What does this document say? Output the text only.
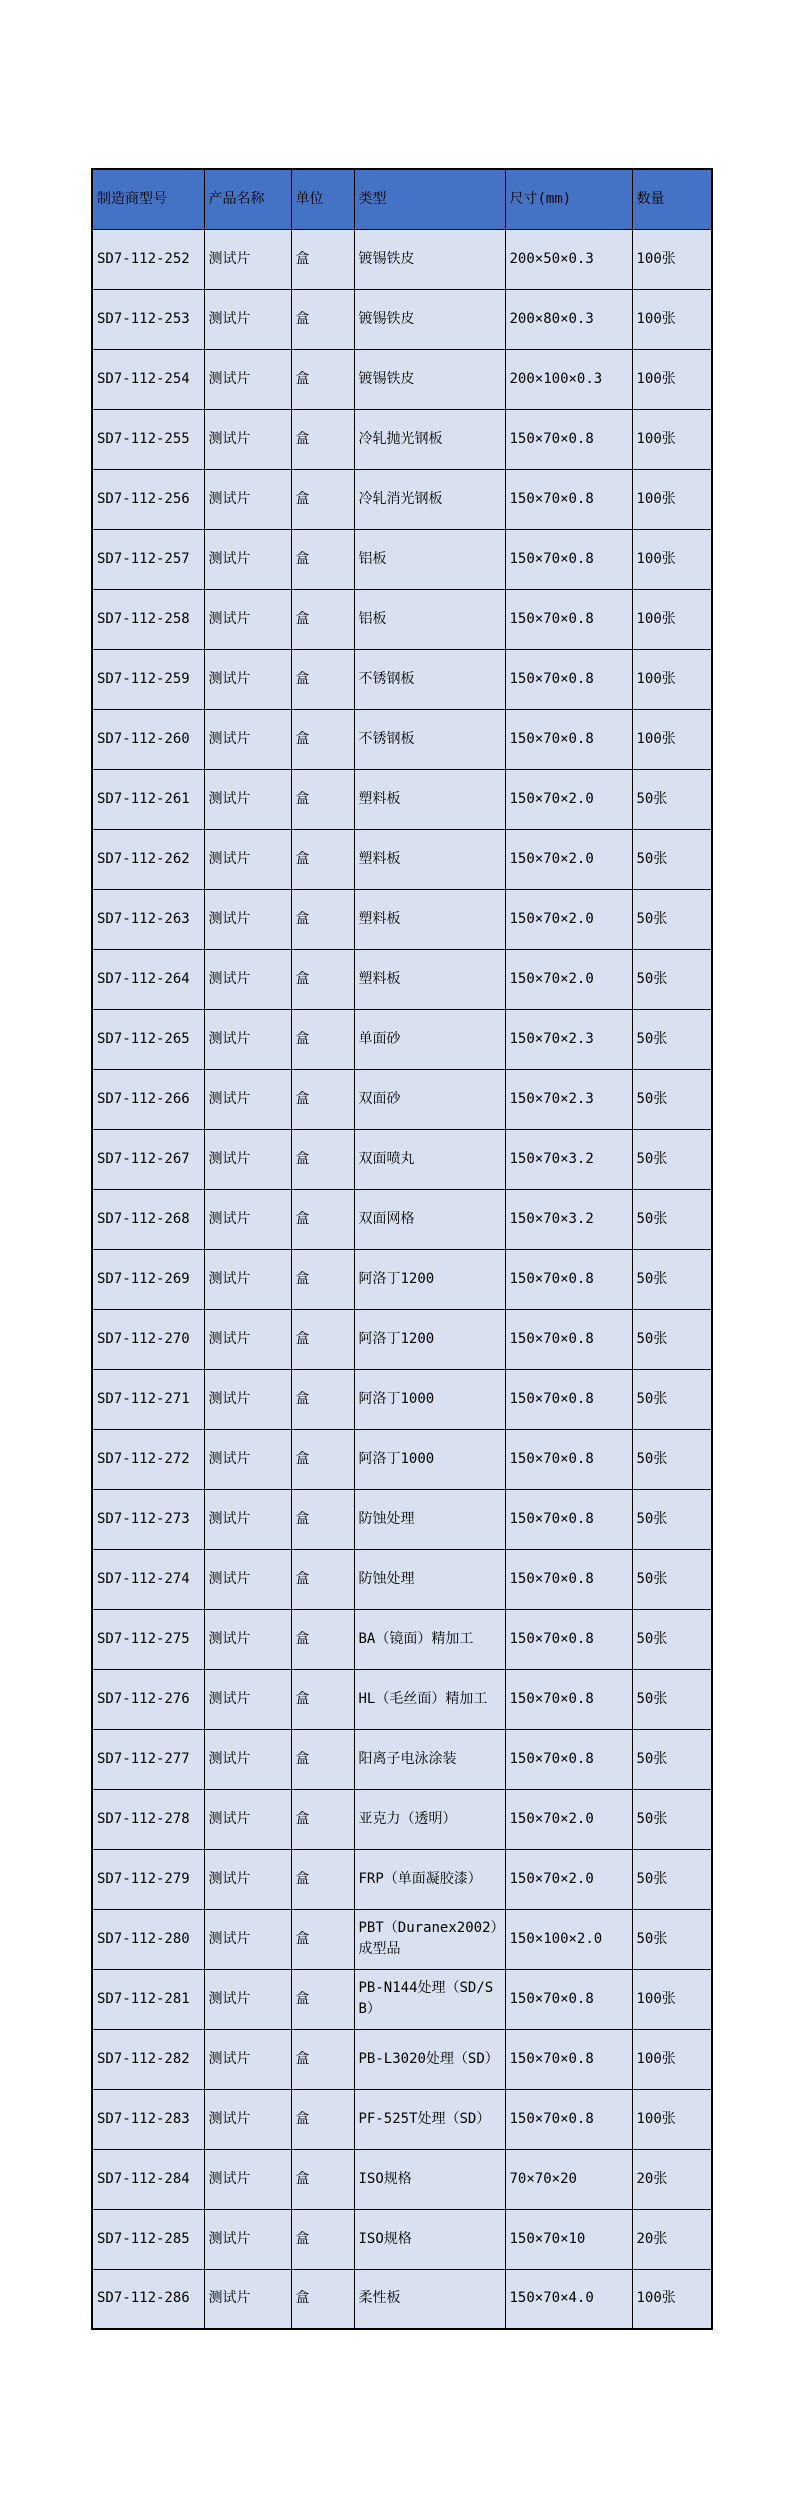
制造商型号	产品名称	单位	类型	尺寸(mm)	数量
SD7-112-252	测试片	盒	镀锡铁皮	200×50×0.3	100张
SD7-112-253	测试片	盒	镀锡铁皮	200×80×0.3	100张
SD7-112-254	测试片	盒	镀锡铁皮	200×100×0.3	100张
SD7-112-255	测试片	盒	冷轧抛光钢板	150×70×0.8	100张
SD7-112-256	测试片	盒	冷轧消光钢板	150×70×0.8	100张
SD7-112-257	测试片	盒	铝板	150×70×0.8	100张
SD7-112-258	测试片	盒	铝板	150×70×0.8	100张
SD7-112-259	测试片	盒	不锈钢板	150×70×0.8	100张
SD7-112-260	测试片	盒	不锈钢板	150×70×0.8	100张
SD7-112-261	测试片	盒	塑料板	150×70×2.0	50张
SD7-112-262	测试片	盒	塑料板	150×70×2.0	50张
SD7-112-263	测试片	盒	塑料板	150×70×2.0	50张
SD7-112-264	测试片	盒	塑料板	150×70×2.0	50张
SD7-112-265	测试片	盒	单面砂	150×70×2.3	50张
SD7-112-266	测试片	盒	双面砂	150×70×2.3	50张
SD7-112-267	测试片	盒	双面喷丸	150×70×3.2	50张
SD7-112-268	测试片	盒	双面网格	150×70×3.2	50张
SD7-112-269	测试片	盒	阿洛丁1200	150×70×0.8	50张
SD7-112-270	测试片	盒	阿洛丁1200	150×70×0.8	50张
SD7-112-271	测试片	盒	阿洛丁1000	150×70×0.8	50张
SD7-112-272	测试片	盒	阿洛丁1000	150×70×0.8	50张
SD7-112-273	测试片	盒	防蚀处理	150×70×0.8	50张
SD7-112-274	测试片	盒	防蚀处理	150×70×0.8	50张
SD7-112-275	测试片	盒	BA（镜面）精加工	150×70×0.8	50张
SD7-112-276	测试片	盒	HL（毛丝面）精加工	150×70×0.8	50张
SD7-112-277	测试片	盒	阳离子电泳涂装	150×70×0.8	50张
SD7-112-278	测试片	盒	亚克力（透明）	150×70×2.0	50张
SD7-112-279	测试片	盒	FRP（单面凝胶漆）	150×70×2.0	50张
SD7-112-280	测试片	盒	PBT（Duranex2002）成型品	150×100×2.0	50张
SD7-112-281	测试片	盒	PB-N144处理（SD/SB）	150×70×0.8	100张
SD7-112-282	测试片	盒	PB-L3020处理（SD）	150×70×0.8	100张
SD7-112-283	测试片	盒	PF-525T处理（SD）	150×70×0.8	100张
SD7-112-284	测试片	盒	ISO规格	70×70×20	20张
SD7-112-285	测试片	盒	ISO规格	150×70×10	20张
SD7-112-286	测试片	盒	柔性板	150×70×4.0	100张
